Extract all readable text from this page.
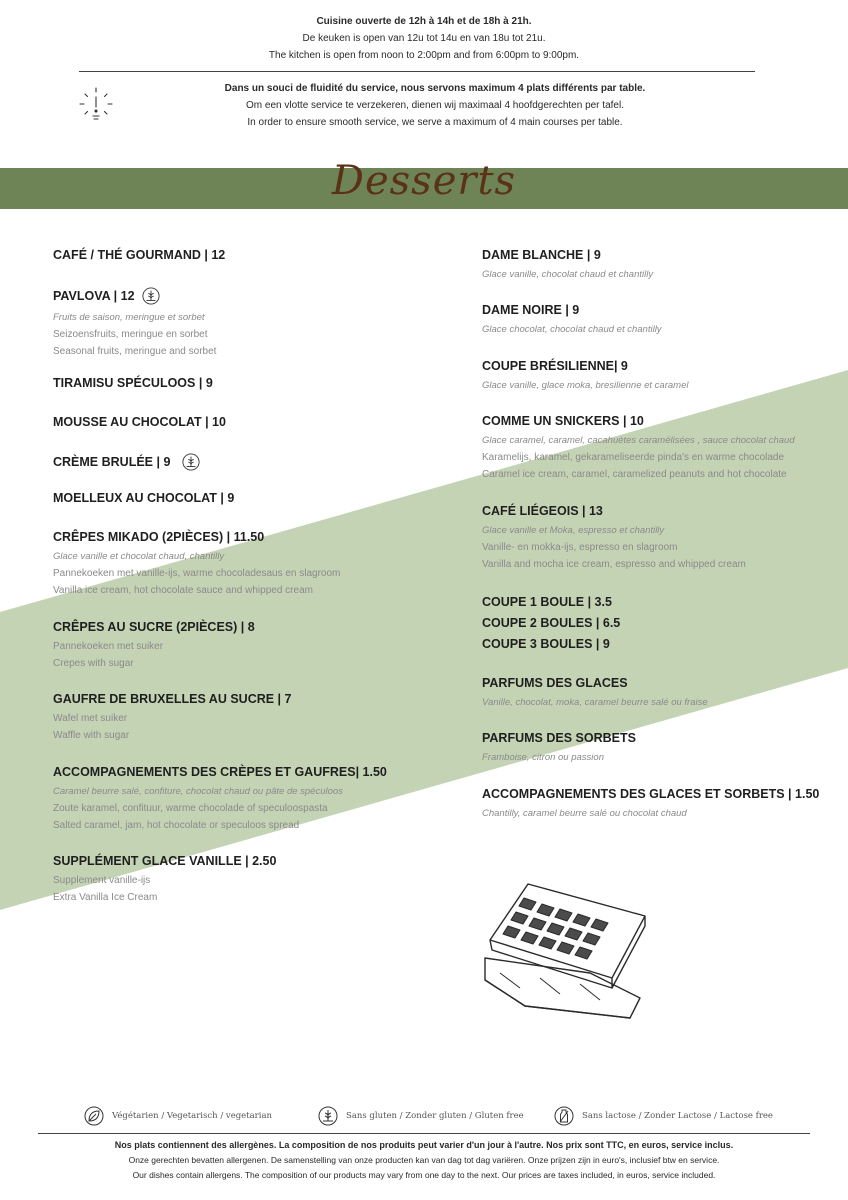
Cuisine ouverte de 12h à 14h et de 18h à 21h.
De keuken is open van 12u tot 14u en van 18u tot 21u.
The kitchen is open from noon to 2:00pm and from 6:00pm to 9:00pm.
Dans un souci de fluidité du service, nous servons maximum 4 plats différents par table.
Om een vlotte service te verzekeren, dienen wij maximaal 4 hoofdgerechten per tafel.
In order to ensure smooth service, we serve a maximum of 4 main courses per table.
Desserts
CAFÉ / THÉ GOURMAND | 12
PAVLOVA | 12
Fruits de saison, meringue et sorbet
Seizoensfruits, meringue en sorbet
Seasonal fruits, meringue and sorbet
TIRAMISU SPÉCULOOS | 9
MOUSSE AU CHOCOLAT | 10
CRÈME BRULÉE | 9
MOELLEUX AU CHOCOLAT | 9
CRÊPES MIKADO (2PIÈCES) | 11.50
Glace vanille et chocolat chaud, chantilly
Pannekoeken met vanille-ijs, warme chocoladesaus en slagroom
Vanilla ice cream, hot chocolate sauce and whipped cream
CRÊPES AU SUCRE (2PIÈCES) | 8
Pannekoeken met suiker
Crepes with sugar
GAUFRE DE BRUXELLES AU SUCRE | 7
Wafel met suiker
Waffle with sugar
ACCOMPAGNEMENTS DES CRÈPES ET GAUFRES| 1.50
Caramel beurre salé, confiture, chocolat chaud ou pâte de spéculoos
Zoute karamel, confituur, warme chocolade of speculoospasta
Salted caramel, jam, hot chocolate or speculoos spread
SUPPLÉMENT GLACE VANILLE | 2.50
Supplement vanille-ijs
Extra Vanilla Ice Cream
DAME BLANCHE | 9
Glace vanille, chocolat chaud et chantilly
DAME NOIRE | 9
Glace chocolat, chocolat chaud et chantilly
COUPE BRÉSILIENNE| 9
Glace vanille, glace moka, bresilienne et caramel
COMME UN SNICKERS | 10
Glace caramel, caramel, cacahuètes caramélisées , sauce chocolat chaud
Karamelijs, karamel, gekarameliseerde pinda's en warme chocolade
Caramel ice cream, caramel, caramelized peanuts and hot chocolate
CAFÉ LIÉGEOIS | 13
Glace vanille et Moka, espresso et chantilly
Vanille- en mokka-ijs, espresso en slagroom
Vanilla and mocha ice cream, espresso and whipped cream
COUPE 1 BOULE | 3.5
COUPE 2 BOULES | 6.5
COUPE 3 BOULES | 9
PARFUMS DES GLACES
Vanille, chocolat, moka, caramel beurre salé ou fraise
PARFUMS DES SORBETS
Framboise, citron ou passion
ACCOMPAGNEMENTS DES GLACES ET SORBETS | 1.50
Chantilly, caramel beurre salé ou chocolat chaud
Végétarien / Vegetarisch / vegetarian	Sans gluten / Zonder gluten / Gluten free	Sans lactose / Zonder Lactose / Lactose free
Nos plats contiennent des allergènes. La composition de nos produits peut varier d'un jour à l'autre. Nos prix sont TTC, en euros, service inclus.
Onze gerechten bevatten allergenen. De samenstelling van onze producten kan van dag tot dag variëren. Onze prijzen zijn in euro's, inclusief btw en service.
Our dishes contain allergens. The composition of our products may vary from one day to the next. Our prices are taxes included, in euros, service included.
